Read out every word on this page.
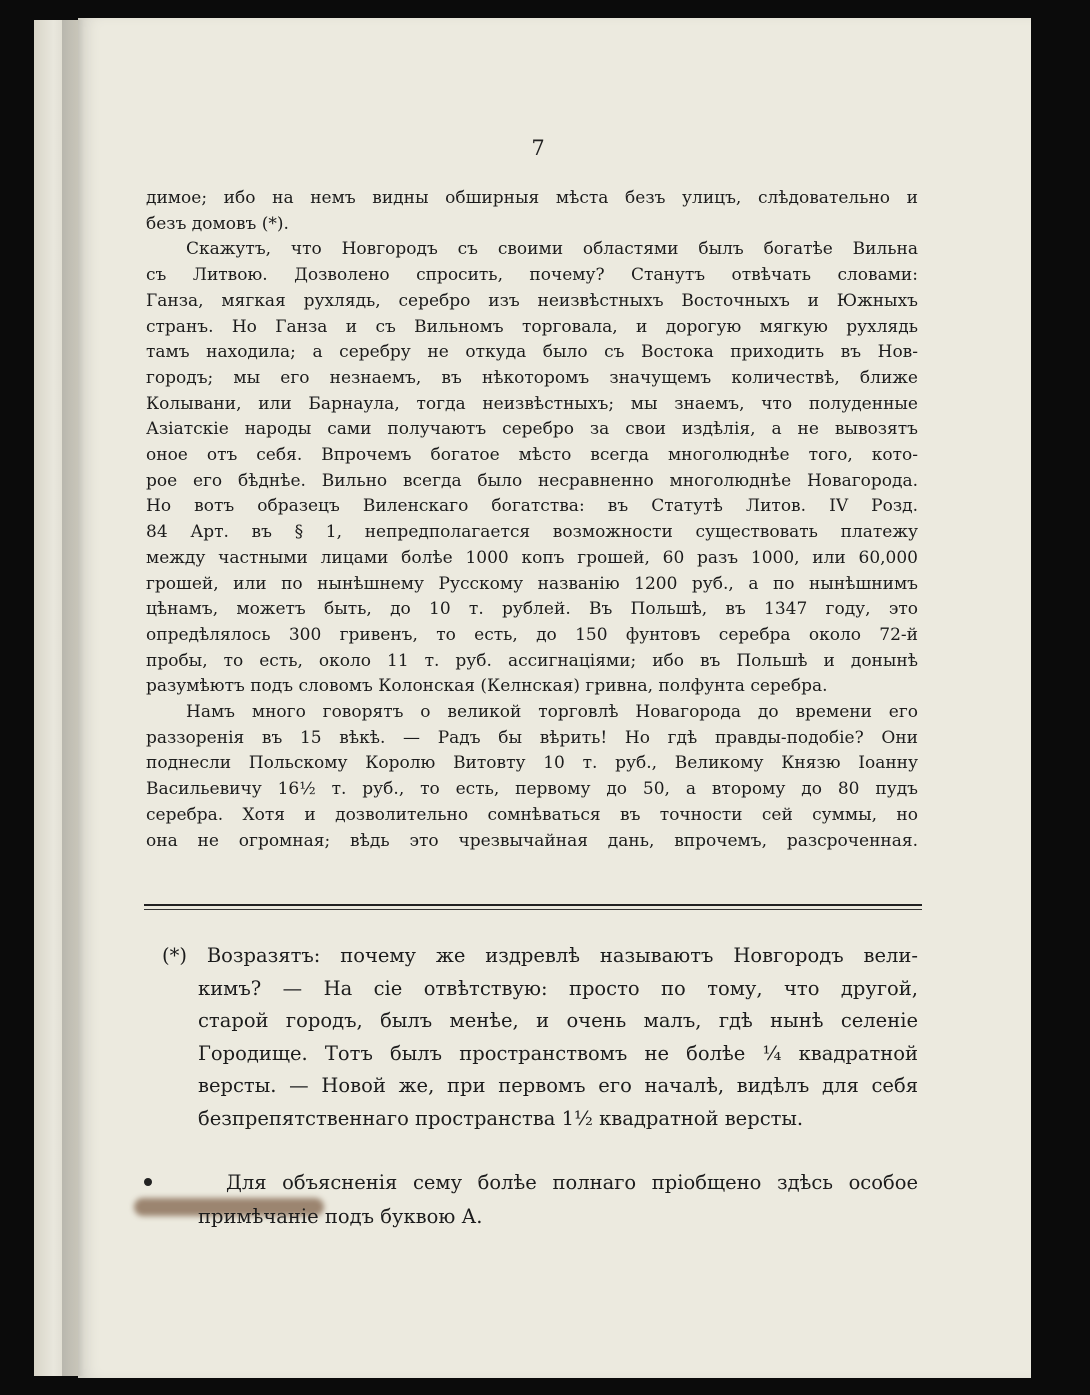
7
димое; ибо на немъ видны обширныя мѣста безъ улицъ, слѣдовательно и
безъ домовъ (*).
Скажутъ, что Новгородъ съ своими областями былъ богатѣе Вильна
съ Литвою. Дозволено спросить, почему? Станутъ отвѣчать словами:
Ганза, мягкая рухлядь, серебро изъ неизвѣстныхъ Восточныхъ и Южныхъ
странъ. Но Ганза и съ Вильномъ торговала, и дорогую мягкую рухлядь
тамъ находила; а серебру не откуда было съ Востока приходить въ Нов-
городъ; мы его незнаемъ, въ нѣкоторомъ значущемъ количествѣ, ближе
Колывани, или Барнаула, тогда неизвѣстныхъ; мы знаемъ, что полуденные
Азіатскіе народы сами получаютъ серебро за свои издѣлія, а не вывозятъ
оное отъ себя. Впрочемъ богатое мѣсто всегда многолюднѣе того, кото-
рое его бѣднѣе. Вильно всегда было несравненно многолюднѣе Новагорода.
Но вотъ образецъ Виленскаго богатства: въ Статутѣ Литов. IV Розд.
84 Арт. въ § 1, непредполагается возможности существовать платежу
между частными лицами болѣе 1000 копъ грошей, 60 разъ 1000, или 60,000
грошей, или по нынѣшнему Русскому названію 1200 руб., а по нынѣшнимъ
цѣнамъ, можетъ быть, до 10 т. рублей. Въ Польшѣ, въ 1347 году, это
опредѣлялось 300 гривенъ, то есть, до 150 фунтовъ серебра около 72-й
пробы, то есть, около 11 т. руб. ассигнаціями; ибо въ Польшѣ и донынѣ
разумѣютъ подъ словомъ Колонская (Келнская) гривна, полфунта серебра.
Намъ много говорятъ о великой торговлѣ Новагорода до времени его
раззоренія въ 15 вѣкѣ. — Радъ бы вѣрить! Но гдѣ правды-подобіе? Они
поднесли Польскому Королю Витовту 10 т. руб., Великому Князю Іоанну
Васильевичу 16½ т. руб., то есть, первому до 50, а второму до 80 пудъ
серебра. Хотя и дозволительно сомнѣваться въ точности сей суммы, но
она не огромная; вѣдь это чрезвычайная дань, впрочемъ, разсроченная.
(*) Возразятъ: почему же издревлѣ называютъ Новгородъ вели-
кимъ? — На сіе отвѣтствую: просто по тому, что другой,
старой городъ, былъ менѣе, и очень малъ, гдѣ нынѣ селеніе
Городище. Тотъ былъ пространствомъ не болѣе ¼ квадратной
версты. — Новой же, при первомъ его началѣ, видѣлъ для себя
безпрепятственнаго пространства 1½ квадратной версты.
Для объясненія сему болѣе полнаго пріобщено здѣсь особое
примѣчаніе подъ буквою А.
